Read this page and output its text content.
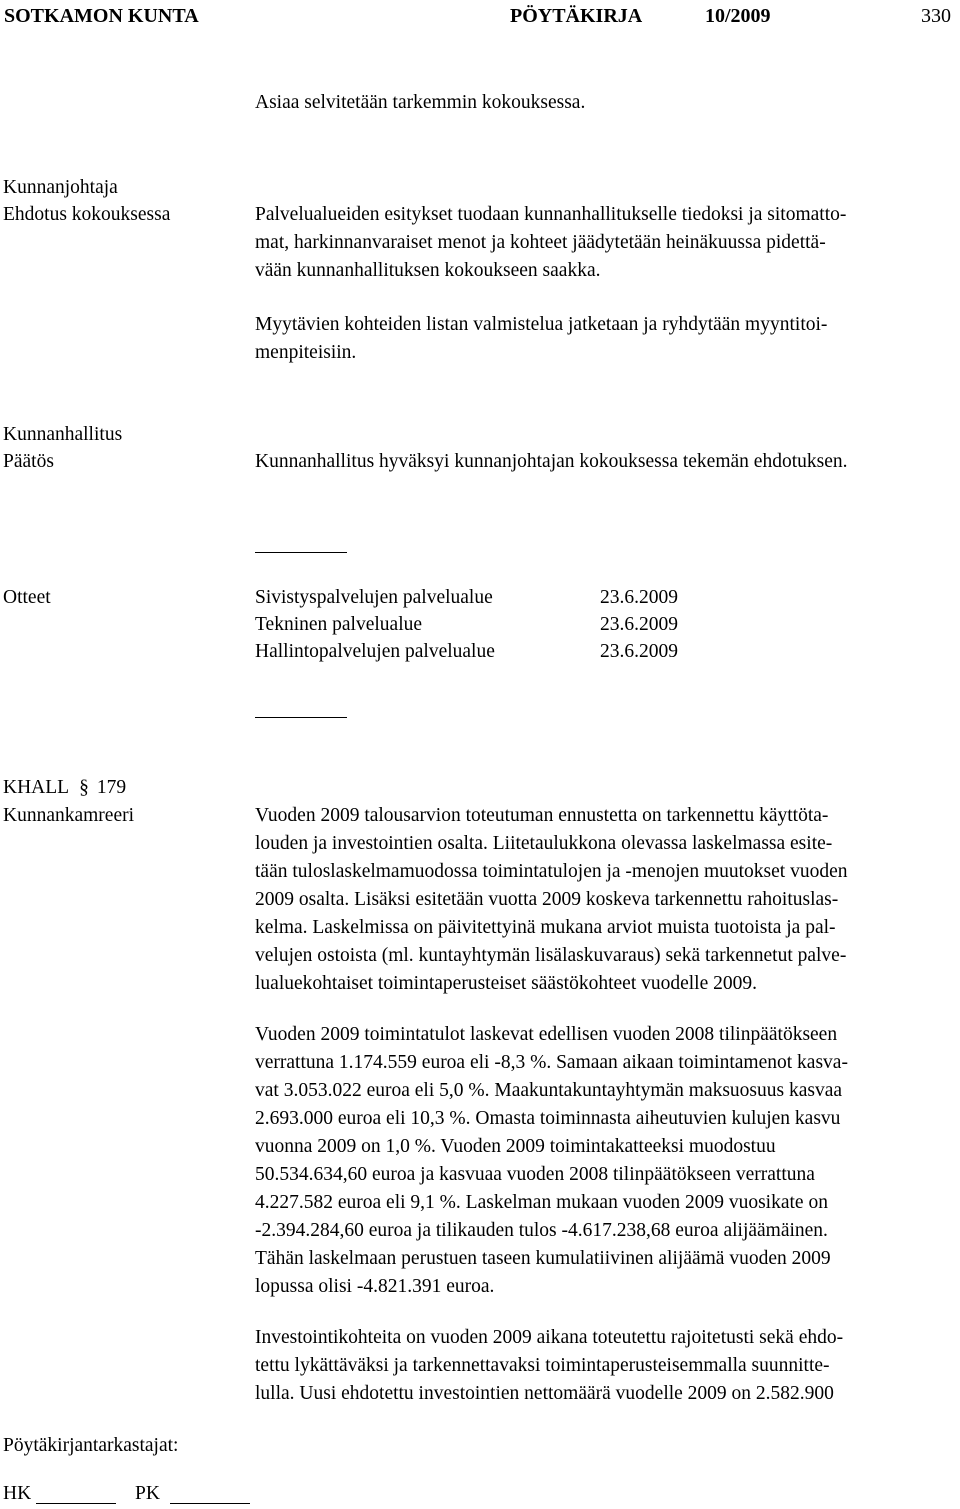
SOTKAMON KUNTA	PÖYTÄKIRJA	10/2009	330
Asiaa selvitetään tarkemmin kokouksessa.
Kunnanjohtaja
Ehdotus kokouksessa	Palvelualueiden esitykset tuodaan kunnanhallitukselle tiedoksi ja sitomatto-
mat, harkinnanvaraiset menot ja kohteet jäädytetään heinäkuussa pidettä-
vään kunnanhallituksen kokoukseen saakka.
Myytävien kohteiden listan valmistelua jatketaan ja ryhdytään myyntitoi-
menpiteisiin.
Kunnanhallitus
Päätös	Kunnanhallitus hyväksyi kunnanjohtajan kokouksessa tekemän ehdotuksen.
Otteet	Sivistyspalvelujen palvelualue	23.6.2009
Tekninen palvelualue	23.6.2009
Hallintopalvelujen palvelualue	23.6.2009
KHALL § 179
Kunnankamreeri	Vuoden 2009 talousarvion toteutuman ennustetta on tarkennettu käyttöta-
louden ja investointien osalta. Liitetaulukkona olevassa laskelmassa esite-
tään tuloslaskelmamuodossa toimintatulojen ja -menojen muutokset vuoden
2009 osalta. Lisäksi esitetään vuotta 2009 koskeva tarkennettu rahoituslas-
kelma. Laskelmissa on päivitettyinä mukana arviot muista tuotoista ja pal-
velujen ostoista (ml. kuntayhtymän lisälaskuvaraus) sekä tarkennetut palve-
lualuekohtaiset toimintaperusteiset säästökohteet vuodelle 2009.
Vuoden 2009 toimintatulot laskevat edellisen vuoden 2008 tilinpäätökseen
verrattuna 1.174.559 euroa eli -8,3 %. Samaan aikaan toimintamenot kasva-
vat 3.053.022 euroa eli 5,0 %. Maakuntakuntayhtymän maksuosuus kasvaa
2.693.000 euroa eli 10,3 %. Omasta toiminnasta aiheutuvien kulujen kasvu
vuonna 2009 on 1,0 %. Vuoden 2009 toimintakatteeksi muodostuu
50.534.634,60 euroa ja kasvuaa vuoden 2008 tilinpäätökseen verrattuna
4.227.582 euroa eli 9,1 %. Laskelman mukaan vuoden 2009 vuosikate on
-2.394.284,60 euroa ja tilikauden tulos -4.617.238,68 euroa alijäämäinen.
Tähän laskelmaan perustuen taseen kumulatiivinen alijäämä vuoden 2009
lopussa olisi -4.821.391 euroa.
Investointikohteita on vuoden 2009 aikana toteutettu rajoitetusti sekä ehdo-
tettu lykättäväksi ja tarkennettavaksi toimintaperusteisemmalla suunnitte-
lulla. Uusi ehdotettu investointien nettomäärä vuodelle 2009 on 2.582.900
Pöytäkirjantarkastajat:
HK	PK
